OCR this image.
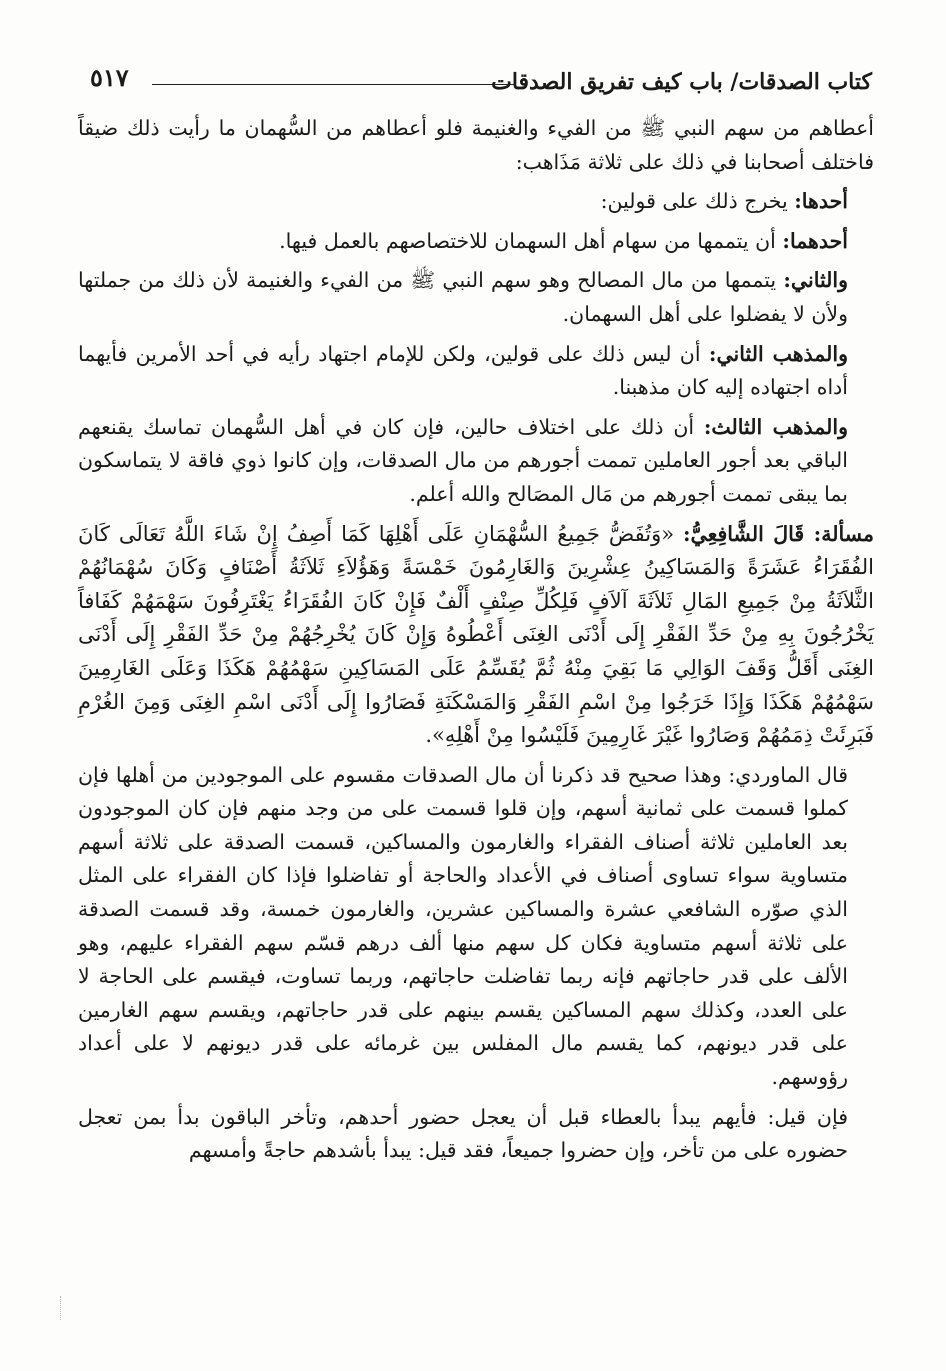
كتاب الصدقات/ باب كيف تفريق الصدقات
٥١٧

أعطاهم من سهم النبي ﷺ من الفيء والغنيمة فلو أعطاهم من السُّهمان ما رأيت ذلك ضيقاً فاختلف أصحابنا في ذلك على ثلاثة مَذَاهب:

أحدها: يخرج ذلك على قولين:

أحدهما: أن يتممها من سهام أهل السهمان للاختصاصهم بالعمل فيها.

والثاني: يتممها من مال المصالح وهو سهم النبي ﷺ من الفيء والغنيمة لأن ذلك من جملتها ولأن لا يفضلوا على أهل السهمان.

والمذهب الثاني: أن ليس ذلك على قولين، ولكن للإمام اجتهاد رأيه في أحد الأمرين فأيهما أداه اجتهاده إليه كان مذهبنا.

والمذهب الثالث: أن ذلك على اختلاف حالين، فإن كان في أهل السُّهمان تماسك يقنعهم الباقي بعد أجور العاملين تممت أجورهم من مال الصدقات، وإن كانوا ذوي فاقة لا يتماسكون بما يبقى تممت أجورهم من مَال المصَالح والله أعلم.

مسألة: قَالَ الشَّافِعِيُّ: «وَتُفَضُّ جَمِيعُ السُّهْمَانِ عَلَى أَهْلِهَا كَمَا أَصِفُ إِنْ شَاءَ اللَّهُ تَعَالَى كَانَ الفُقَرَاءُ عَشَرَةً وَالمَسَاكِينُ عِشْرِينَ وَالغَارِمُونَ خَمْسَةً وَهَؤُلاَءِ ثَلاَثَةُ أَصْنَافٍ وَكَانَ سُهْمَانُهُمْ الثَّلاَثَةُ مِنْ جَمِيعِ المَالِ ثَلاَثَةَ آلاَفٍ فَلِكُلِّ صِنْفٍ أَلْفٌ فَإِنْ كَانَ الفُقَرَاءُ يَغْتَرِفُونَ سَهْمَهُمْ كَفَافاً يَخْرُجُونَ بِهِ مِنْ حَدِّ الفَقْرِ إِلَى أَدْنَى الغِنَى أَعْطُوهُ وَإِنْ كَانَ يُخْرِجُهُمْ مِنْ حَدِّ الفَقْرِ إِلَى أَدْنَى الغِنَى أَقَلُّ وَقَفَ الوَالِي مَا بَقِيَ مِنْهُ ثُمَّ يُقَسِّمُ عَلَى المَسَاكِينِ سَهْمُهُمْ هَكَذَا وَعَلَى الغَارِمِينَ سَهْمُهُمْ هَكَذَا وَإِذَا خَرَجُوا مِنْ اسْمِ الفَقْرِ وَالمَسْكَنَةِ فَصَارُوا إِلَى أَدْنَى اسْمِ الغِنَى وَمِنَ الغُرْمِ فَبَرِئَتْ ذِمَمُهُمْ وَصَارُوا غَيْرَ غَارِمِينَ فَلَيْسُوا مِنْ أَهْلِهِ».

قال الماوردي: وهذا صحيح قد ذكرنا أن مال الصدقات مقسوم على الموجودين من أهلها فإن كملوا قسمت على ثمانية أسهم، وإن قلوا قسمت على من وجد منهم فإن كان الموجودون بعد العاملين ثلاثة أصناف الفقراء والغارمون والمساكين، قسمت الصدقة على ثلاثة أسهم متساوية سواء تساوى أصناف في الأعداد والحاجة أو تفاضلوا فإذا كان الفقراء على المثل الذي صوّره الشافعي عشرة والمساكين عشرين، والغارمون خمسة، وقد قسمت الصدقة على ثلاثة أسهم متساوية فكان كل سهم منها ألف درهم قسّم سهم الفقراء عليهم، وهو الألف على قدر حاجاتهم فإنه ربما تفاضلت حاجاتهم، وربما تساوت، فيقسم على الحاجة لا على العدد، وكذلك سهم المساكين يقسم بينهم على قدر حاجاتهم، ويقسم سهم الغارمين على قدر ديونهم، كما يقسم مال المفلس بين غرمائه على قدر ديونهم لا على أعداد رؤوسهم.

فإن قيل: فأيهم يبدأ بالعطاء قبل أن يعجل حضور أحدهم، وتأخر الباقون بدأ بمن تعجل حضوره على من تأخر، وإن حضروا جميعاً، فقد قيل: يبدأ بأشدهم حاجةً وأمسهم
